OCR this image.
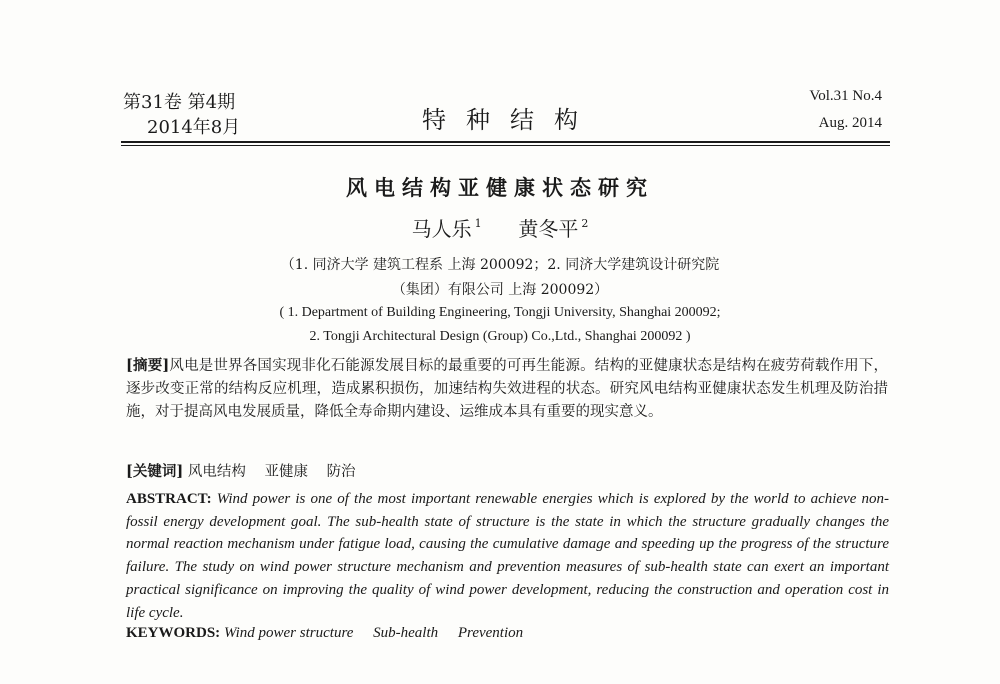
第31卷 第4期
2014年8月	特种结构
Vol.31 No.4
Aug. 2014
风电结构亚健康状态研究
马人乐 $^1$ 黄冬平 $^2$
（1. 同济大学 建筑工程系 上海 200092；2. 同济大学建筑设计研究院
（集团）有限公司 上海 200092）
( 1. Department of Building Engineering, Tongji University, Shanghai 200092;
2. Tongji Architectural Design (Group) Co.,Ltd., Shanghai 200092 )
[摘要]风电是世界各国实现非化石能源发展目标的最重要的可再生能源。结构的亚健康状态是结构在疲劳荷载作用下，逐步改变正常的结构反应机理，造成累积损伤，加速结构失效进程的状态。研究风电结构亚健康状态发生机理及防治措施，对于提高风电发展质量，降低全寿命期内建设、运维成本具有重要的现实意义。
[关键词] 风电结构 亚健康 防治
ABSTRACT: Wind power is one of the most important renewable energies which is explored by the world to achieve non-fossil energy development goal. The sub-health state of structure is the state in which the structure gradually changes the normal reaction mechanism under fatigue load, causing the cumulative damage and speeding up the progress of the structure failure. The study on wind power structure mechanism and prevention measures of sub-health state can exert an important practical significance on improving the quality of wind power development, reducing the construction and operation cost in life cycle.
KEYWORDS: Wind power structure Sub-health Prevention
